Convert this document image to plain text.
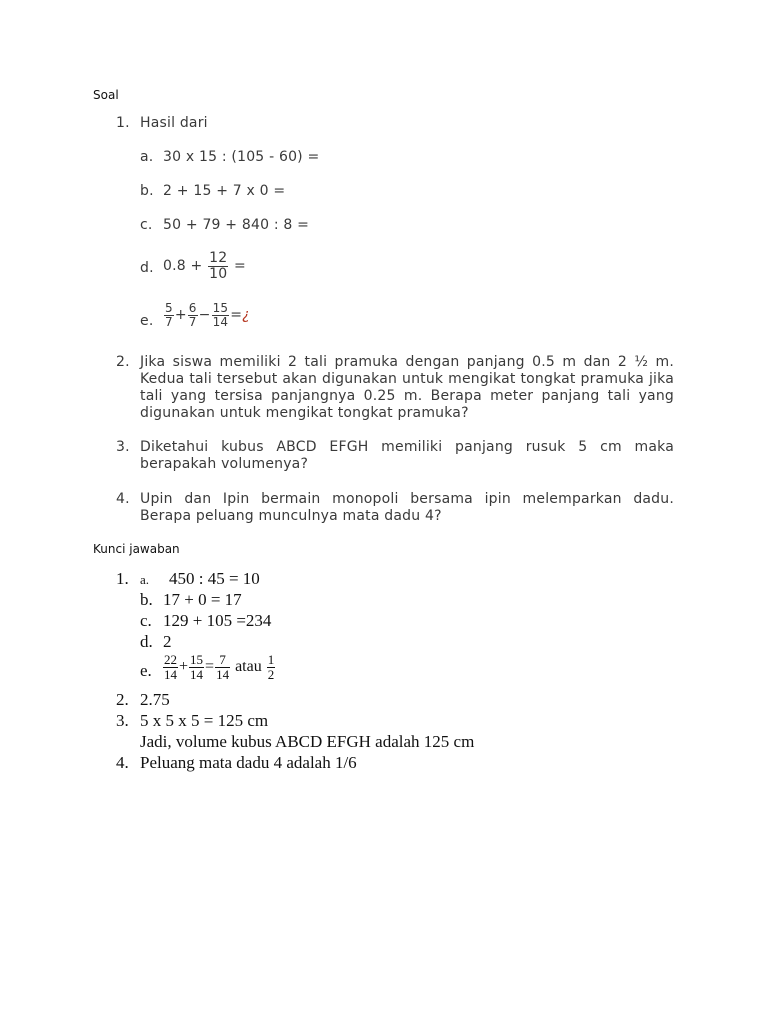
Soal
1. Hasil dari
a. 30 x 15 : (105 - 60) =
b. 2 + 15 + 7 x 0 =
c. 50 + 79 + 840 : 8 =
d. $0.8 + \frac{12}{10}$ =
e. $\frac{5}{7} + \frac{6}{7} - \frac{15}{14}$ =¿
2. Jika siswa memiliki 2 tali pramuka dengan panjang 0.5 m dan 2 ½ m. Kedua tali tersebut akan digunakan untuk mengikat tongkat pramuka jika tali yang tersisa panjangnya 0.25 m. Berapa meter panjang tali yang digunakan untuk mengikat tongkat pramuka?
3. Diketahui kubus ABCD EFGH memiliki panjang rusuk 5 cm maka berapakah volumenya?
4. Upin dan Ipin bermain monopoli bersama ipin melemparkan dadu. Berapa peluang munculnya mata dadu 4?
Kunci jawaban
1. a. 450 : 45 = 10
b. 17 + 0 = 17
c. 129 + 105 =234
d. 2
e. $\frac{22}{14} + \frac{15}{14} = \frac{7}{14}$ atau $\frac{1}{2}$
2. 2.75
3. 5 x 5 x 5 = 125 cm
Jadi, volume kubus ABCD EFGH adalah 125 cm
4. Peluang mata dadu 4 adalah 1/6
